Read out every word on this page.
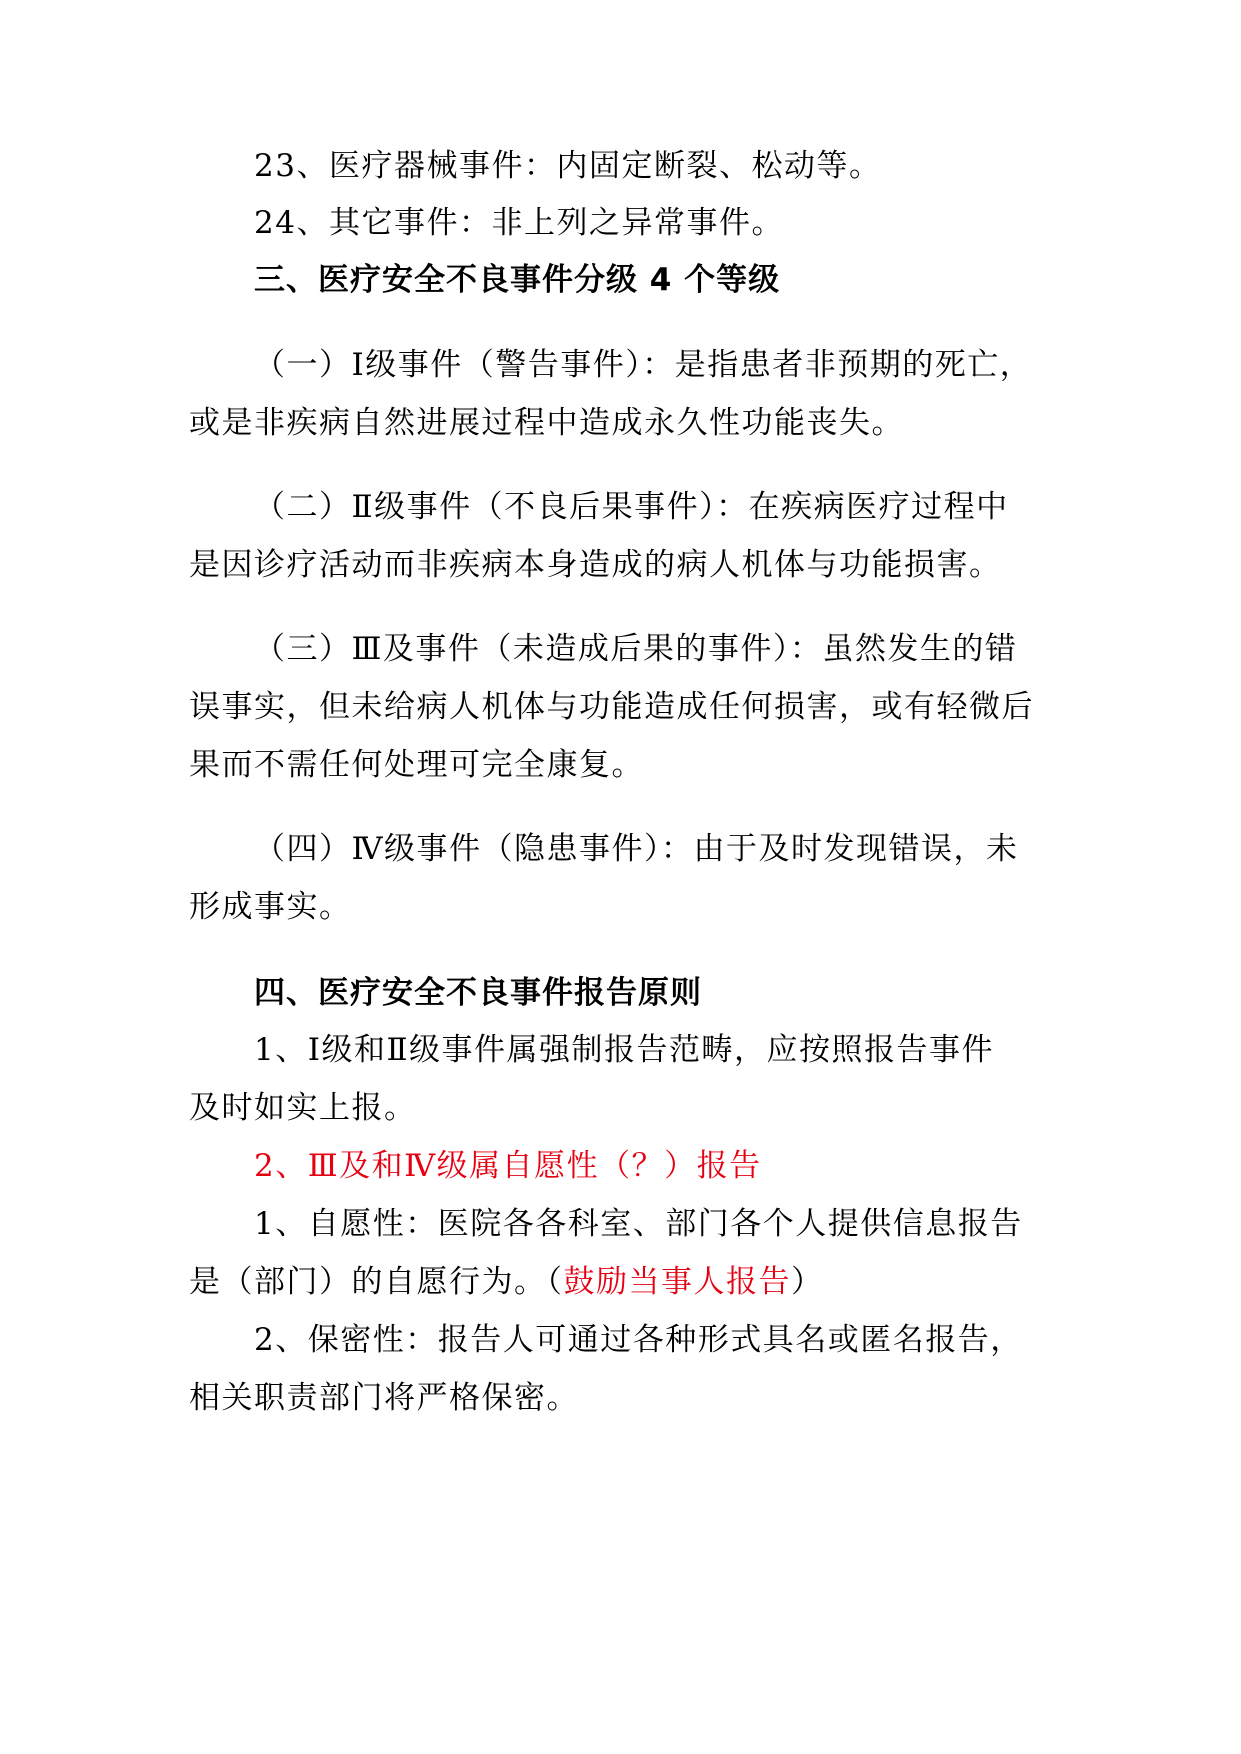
23、医疗器械事件：内固定断裂、松动等。
24、其它事件：非上列之异常事件。
三、医疗安全不良事件分级 4 个等级
（一）Ⅰ级事件（警告事件）：是指患者非预期的死亡，
或是非疾病自然进展过程中造成永久性功能丧失。
（二）Ⅱ级事件（不良后果事件）：在疾病医疗过程中
是因诊疗活动而非疾病本身造成的病人机体与功能损害。
（三）Ⅲ及事件（未造成后果的事件）：虽然发生的错
误事实，但未给病人机体与功能造成任何损害，或有轻微后
果而不需任何处理可完全康复。
（四）Ⅳ级事件（隐患事件）：由于及时发现错误，未
形成事实。
四、医疗安全不良事件报告原则
1、Ⅰ级和Ⅱ级事件属强制报告范畴，应按照报告事件
及时如实上报。
2、Ⅲ及和Ⅳ级属自愿性（？）报告
1、自愿性：医院各各科室、部门各个人提供信息报告
是（部门）的自愿行为。（鼓励当事人报告）
2、保密性：报告人可通过各种形式具名或匿名报告，
相关职责部门将严格保密。
